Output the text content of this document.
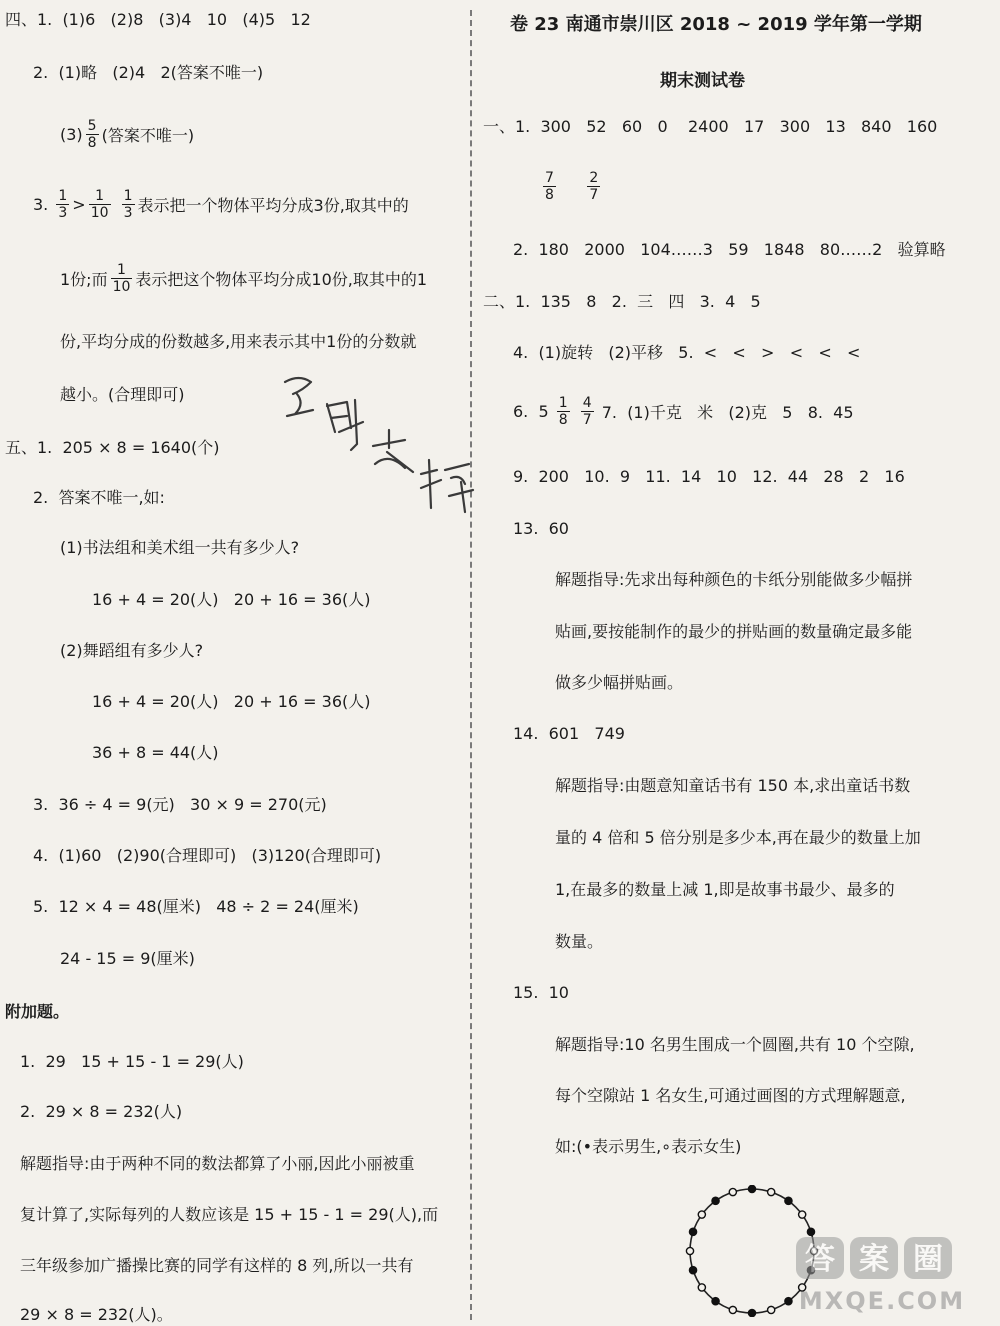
四、1.  (1)6   (2)8   (3)4   10   (4)5   12
2.  (1)略   (2)4   2(答案不唯一)
$(3) \frac{5}{8}$ (答案不唯一)
3. $\frac{1}{3} > \frac{1}{10}$
$\frac{1}{3}$ 表示把一个物体平均分成3份,取其中的
1份;而 $\frac{1}{10}$ 表示把这个物体平均分成10份,取其中的1
份,平均分成的份数越多,用来表示其中1份的分数就
越小。(合理即可)
五、1.  205 × 8 = 1640(个)
2.  答案不唯一,如:
(1)书法组和美术组一共有多少人?
16 + 4 = 20(人)   20 + 16 = 36(人)
(2)舞蹈组有多少人?
16 + 4 = 20(人)   20 + 16 = 36(人)
36 + 8 = 44(人)
3.  36 ÷ 4 = 9(元)   30 × 9 = 270(元)
4.  (1)60   (2)90(合理即可)   (3)120(合理即可)
5.  12 × 4 = 48(厘米)   48 ÷ 2 = 24(厘米)
24 - 15 = 9(厘米)
附加题。
1.  29   15 + 15 - 1 = 29(人)
2.  29 × 8 = 232(人)
解题指导:由于两种不同的数法都算了小丽,因此小丽被重
复计算了,实际每列的人数应该是 15 + 15 - 1 = 29(人),而
三年级参加广播操比赛的同学有这样的 8 列,所以一共有
29 × 8 = 232(人)。
卷 23 南通市崇川区 2018 ~ 2019 学年第一学期
期末测试卷
一、1.  300   52   60   0    2400   17   300   13   840   160
$\frac{7}{8}$
$\frac{2}{7}$
2.  180   2000   104……3   59   1848   80……2   验算略
二、1.  135   8   2.  三   四   3.  4   5
4.  (1)旋转   (2)平移   5.  <   <   >   <   <   <
6.  $5 \frac{1}{8}$
$\frac{4}{7} 7$.  (1)千克   米   (2)克   5   8.  45
9.  200   10.  9   11.  14   10   12.  44   28   2   16
13.  60
解题指导:先求出每种颜色的卡纸分别能做多少幅拼
贴画,要按能制作的最少的拼贴画的数量确定最多能
做多少幅拼贴画。
14.  601   749
解题指导:由题意知童话书有 150 本,求出童话书数
量的 4 倍和 5 倍分别是多少本,再在最少的数量上加
1,在最多的数量上减 1,即是故事书最少、最多的
数量。
15.  10
解题指导:10 名男生围成一个圆圈,共有 10 个空隙,
每个空隙站 1 名女生,可通过画图的方式理解题意,
如:(•表示男生,∘表示女生)
答 案 圈
MXQE.COM
